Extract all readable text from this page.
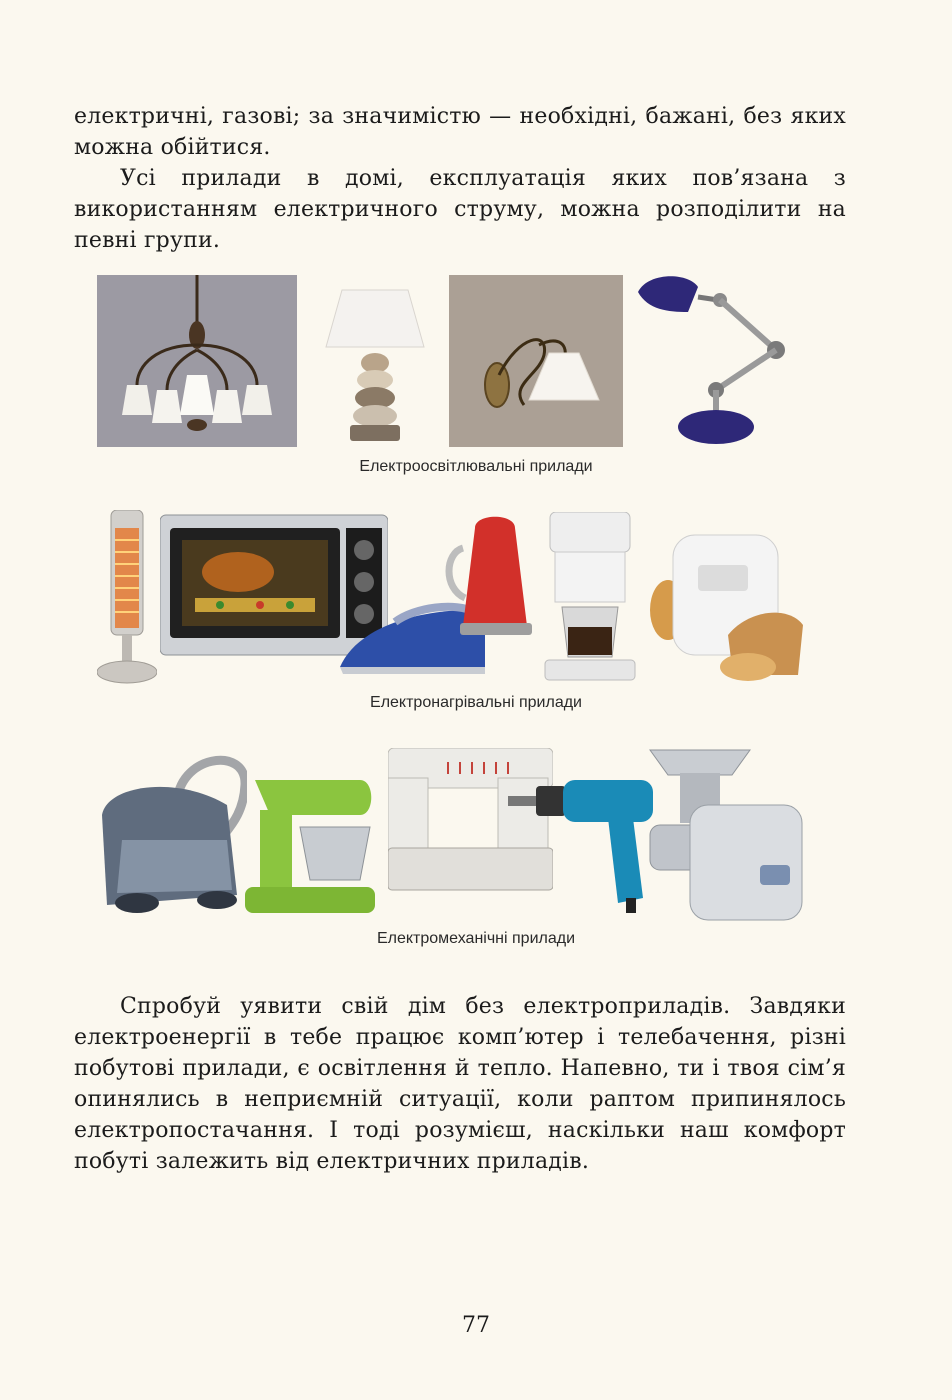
електричні, газові; за значимістю — необхідні, бажані, без яких можна обійтися.

Усі прилади в домі, експлуатація яких пов’язана з використанням електричного струму, можна розподілити на певні групи.

Електроосвітлювальні прилади
Електронагрівальні прилади
Електромеханічні прилади

Спробуй уявити свій дім без електроприладів. Завдяки електроенергії в тебе працює комп’ютер і телебачення, різні побутові прилади, є освітлення й тепло. Напевно, ти і твоя сім’я опинялись в неприємній ситуації, коли раптом припинялось електропостачання. І тоді розумієш, наскільки наш комфорт побуті залежить від електричних приладів.

77
